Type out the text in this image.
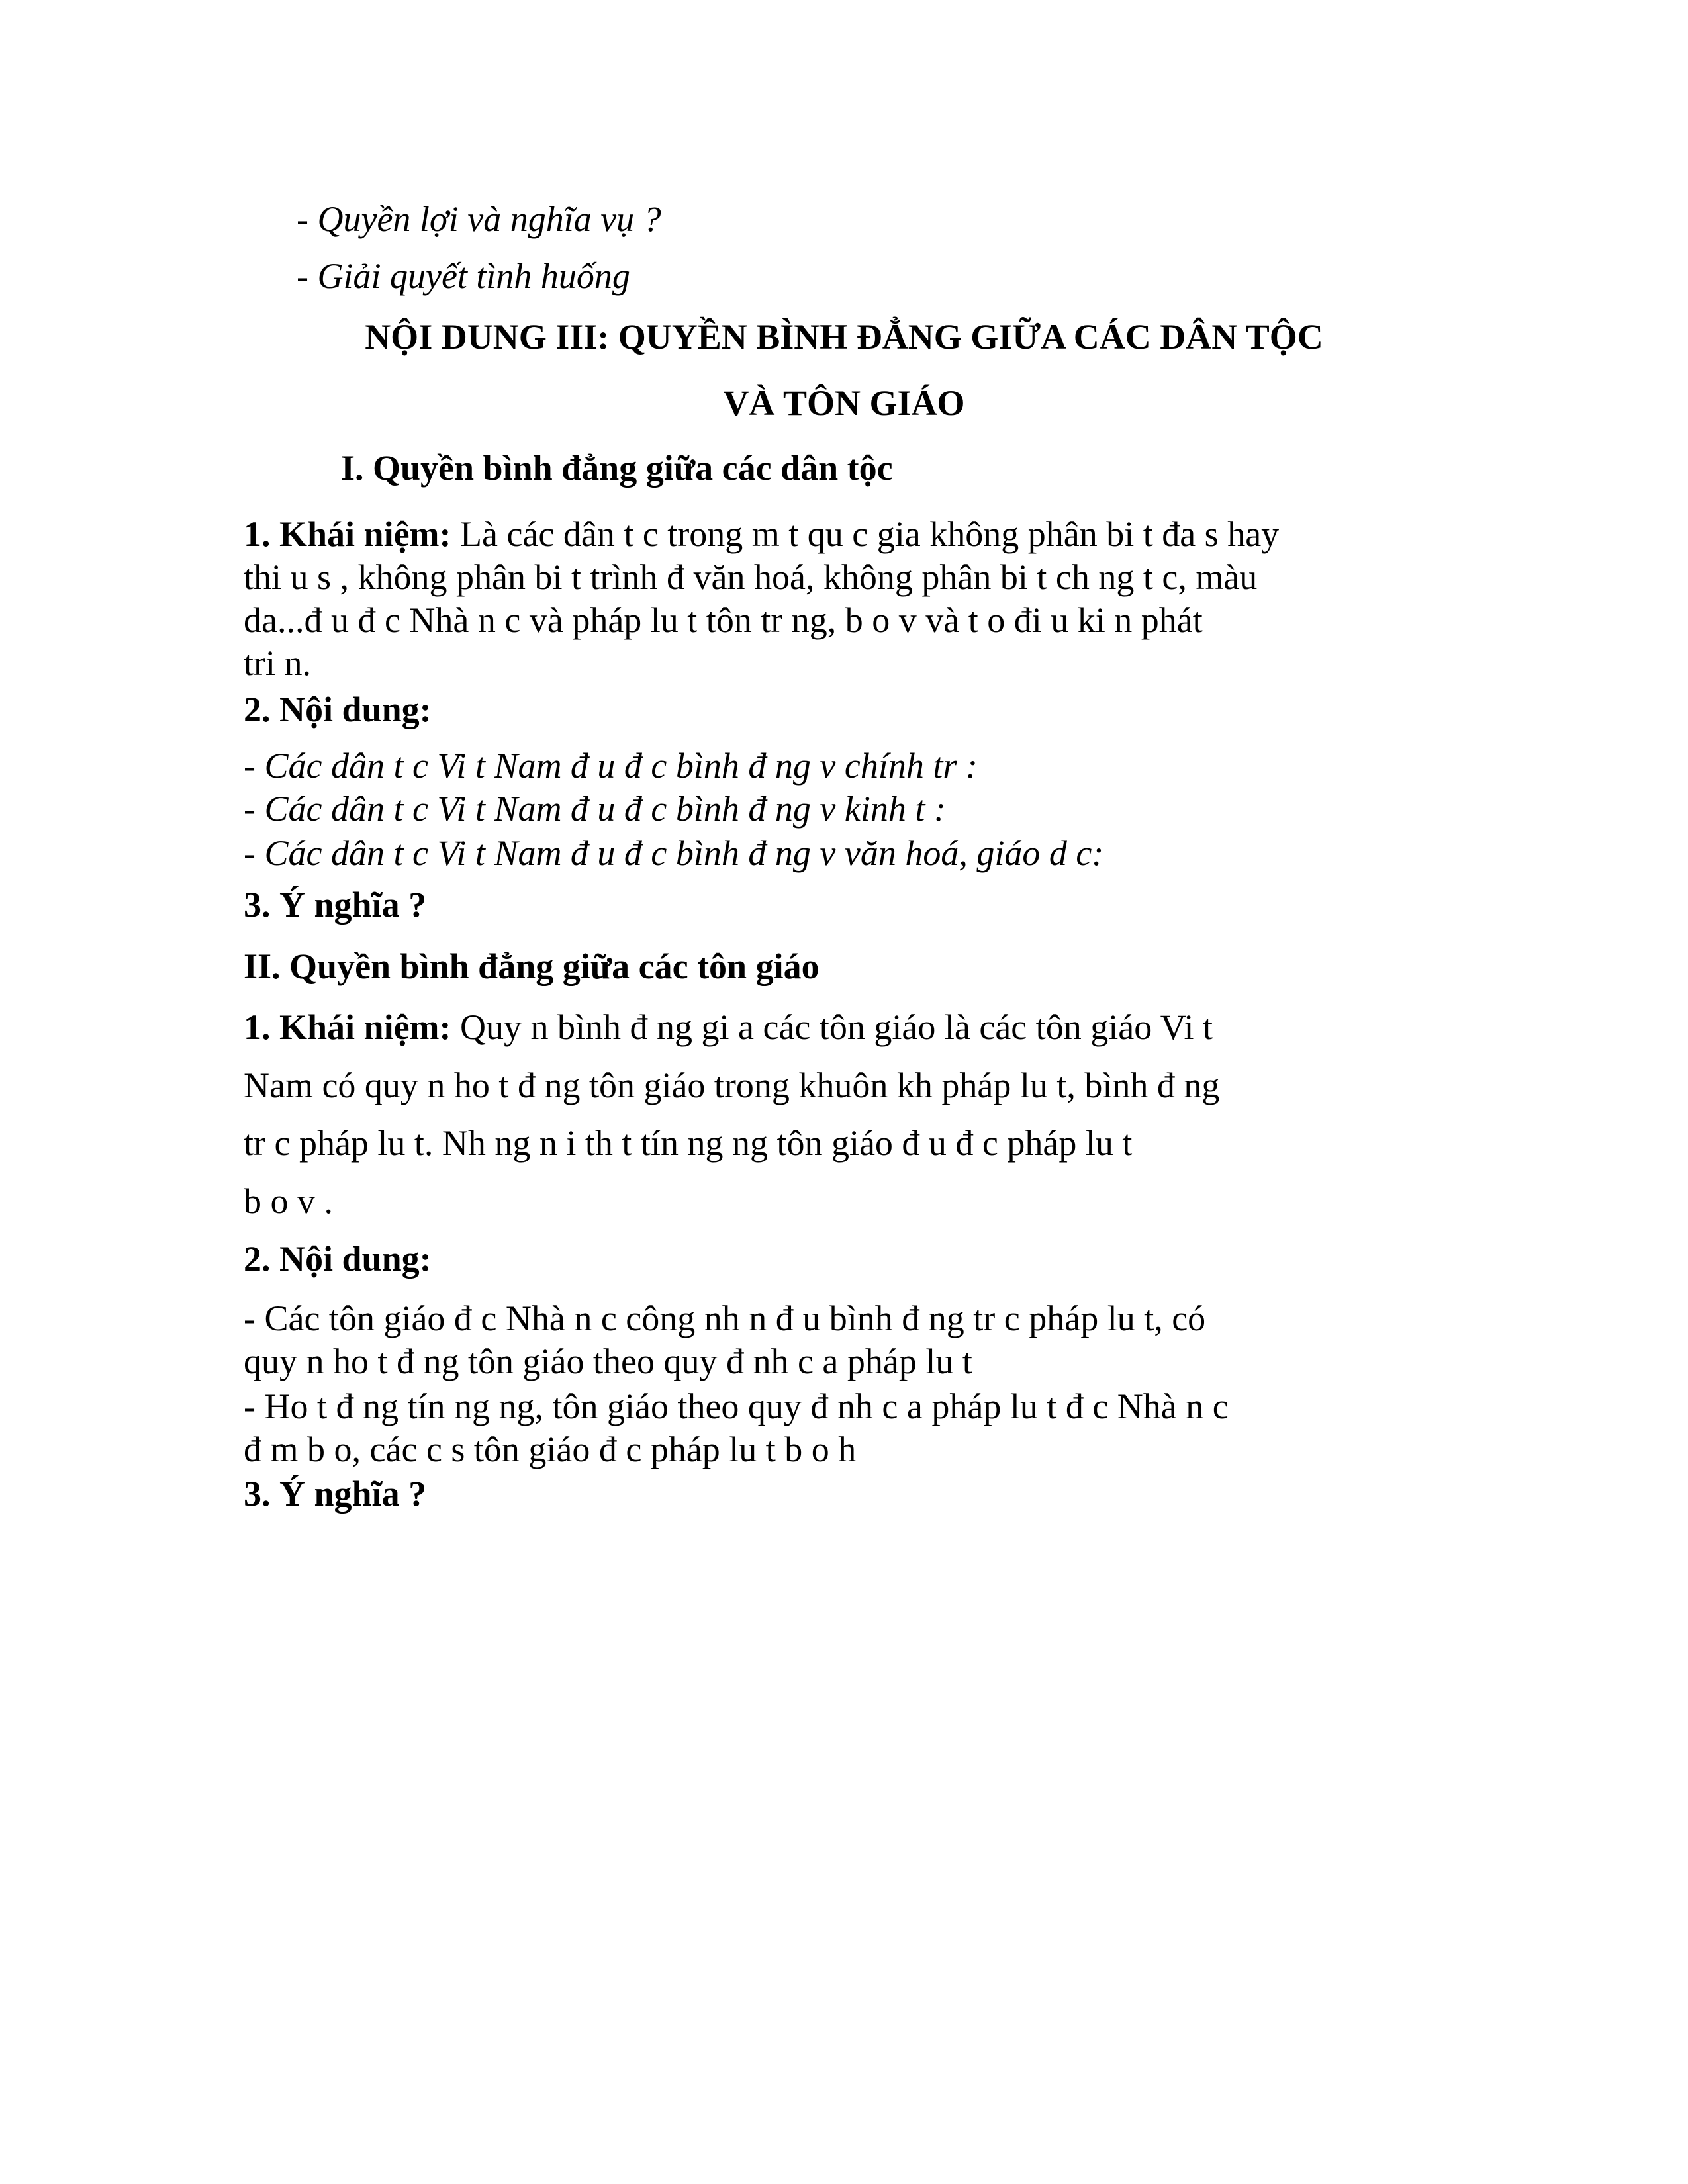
- Quyền lợi và nghĩa vụ ?

- Giải quyết tình huống

NỘI DUNG III: QUYỀN BÌNH ĐẲNG GIỮA CÁC DÂN TỘC

VÀ TÔN GIÁO

I. Quyền bình đẳng giữa các dân tộc

1. Khái niệm: Là các dân t c trong m t qu c gia không phân bi t đa s hay

thi u s , không phân bi t trình đ văn hoá, không phân bi t ch ng t c, màu

da...đ u đ c Nhà n c và pháp lu t tôn tr ng, b o v và t o đi u ki n phát

tri n.

2. Nội dung:

- Các dân t c Vi t Nam đ u đ c bình đ ng v chính tr :

- Các dân t c Vi t Nam đ u đ c bình đ ng v kinh t :

- Các dân t c Vi t Nam đ u đ c bình đ ng v văn hoá, giáo d c:

3. Ý nghĩa ?

II. Quyền bình đẳng giữa các tôn giáo

1. Khái niệm: Quy n bình đ ng gi a các tôn giáo là các tôn giáo Vi t

Nam có quy n ho t đ ng tôn giáo trong khuôn kh pháp lu t, bình đ ng

tr c pháp lu t. Nh ng n i th t tín ng ng tôn giáo đ u đ c pháp lu t

b o v .

2. Nội dung:

- Các tôn giáo đ c Nhà n c công nh n đ u bình đ ng tr c pháp lu t, có

quy n ho t đ ng tôn giáo theo quy đ nh c a pháp lu t

- Ho t đ ng tín ng ng, tôn giáo theo quy đ nh c a pháp lu t đ c Nhà n c

đ m b o, các c s tôn giáo đ c pháp lu t b o h

3. Ý nghĩa ?
